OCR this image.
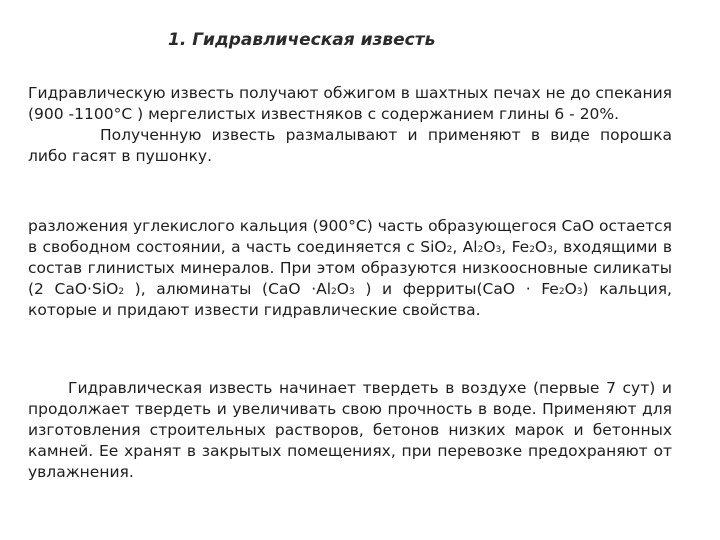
1. Гидравлическая известь

Гидравлическую известь получают обжигом в шахтных печах не до спекания (900 -1100°С ) мергелистых известняков с содержанием глины 6 - 20%.

Полученную известь размалывают и применяют в виде порошка либо гасят в пушонку.

разложения углекислого кальция (900°С) часть образующегося СаО остается в свободном состоянии, а часть соединяется с SiO2, Al2O3, Fe2O3, входящими в состав глинистых минералов. При этом образуются низкоосновные силикаты (2 CaO·SiO2 ), алюминаты (CaO ·Al2O3 ) и ферриты(CaO · Fe2O3) кальция, которые и придают извести гидравлические свойства.

Гидравлическая известь начинает твердеть в воздухе (первые 7 сут) и продолжает твердеть и увеличивать свою прочность в воде. Применяют для изготовления строительных растворов, бетонов низких марок и бетонных камней. Ее хранят в закрытых помещениях, при перевозке предохраняют от увлажнения.
